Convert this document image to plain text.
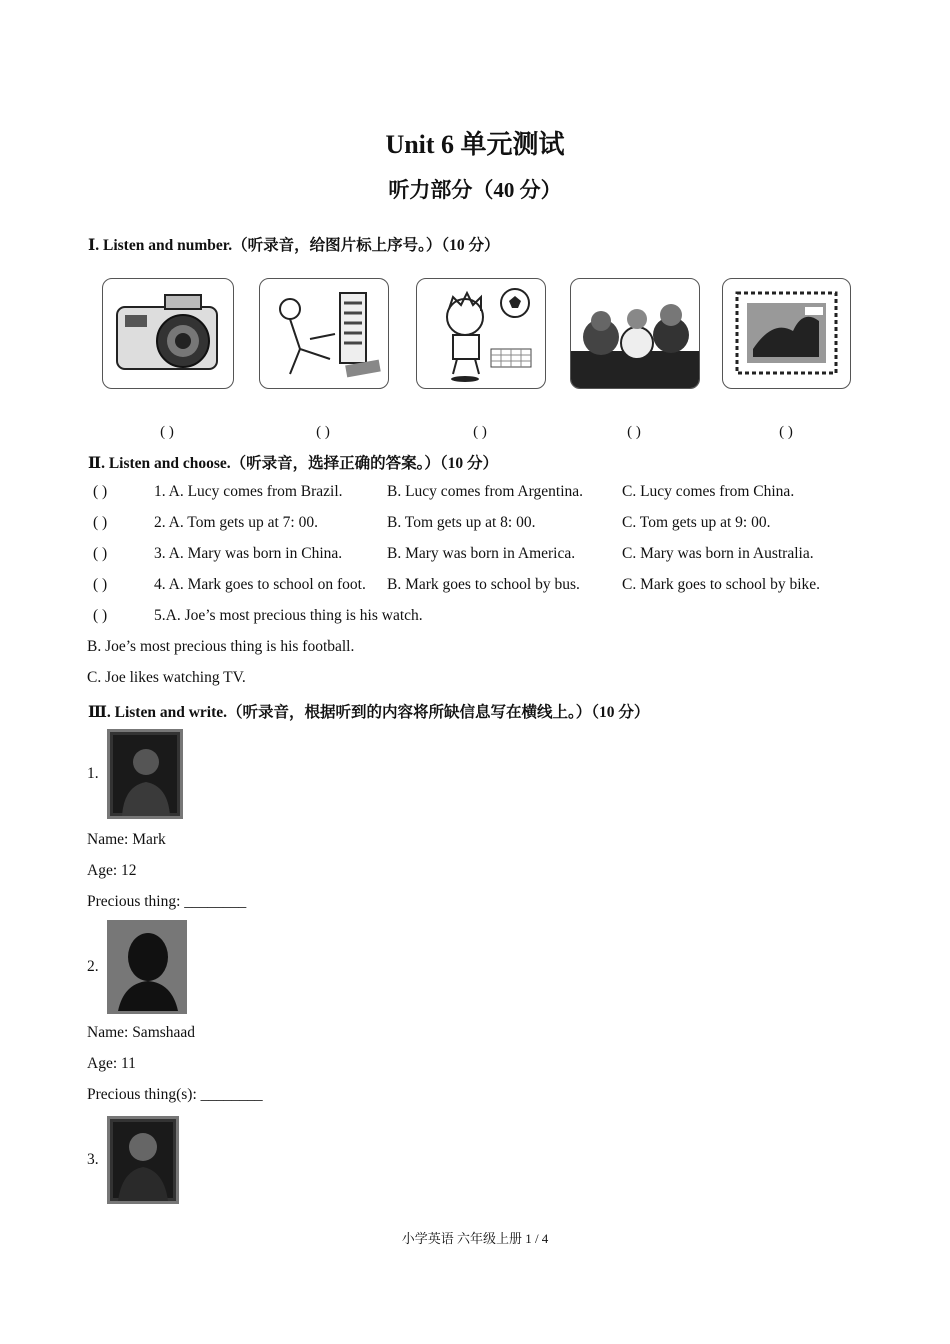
Unit 6 单元测试
听力部分（40 分）
Ⅰ. Listen and number.（听录音，给图片标上序号。）（10 分）
( )	( )	( )	( )	( )
Ⅱ. Listen and choose.（听录音，选择正确的答案。）（10 分）
( )	1. A. Lucy comes from Brazil.	B. Lucy comes from Argentina.	C. Lucy comes from China.
( )	2. A. Tom gets up at 7: 00.	B. Tom gets up at 8: 00.	C. Tom gets up at 9: 00.
( )	3. A. Mary was born in China.	B. Mary was born in America.	C. Mary was born in Australia.
( )	4. A. Mark goes to school on foot. B. Mark goes to school by bus.	C. Mark goes to school by bike.
( )	5.A. Joe’s most precious thing is his watch.
B. Joe’s most precious thing is his football.
C. Joe likes watching TV.
Ⅲ. Listen and write.（听录音，根据听到的内容将所缺信息写在横线上。）（10 分）
1.
Name: Mark
Age: 12
Precious thing: ________
2.
Name: Samshaad
Age: 11
Precious thing(s): ________
3.
小学英语 六年级上册 1 / 4
